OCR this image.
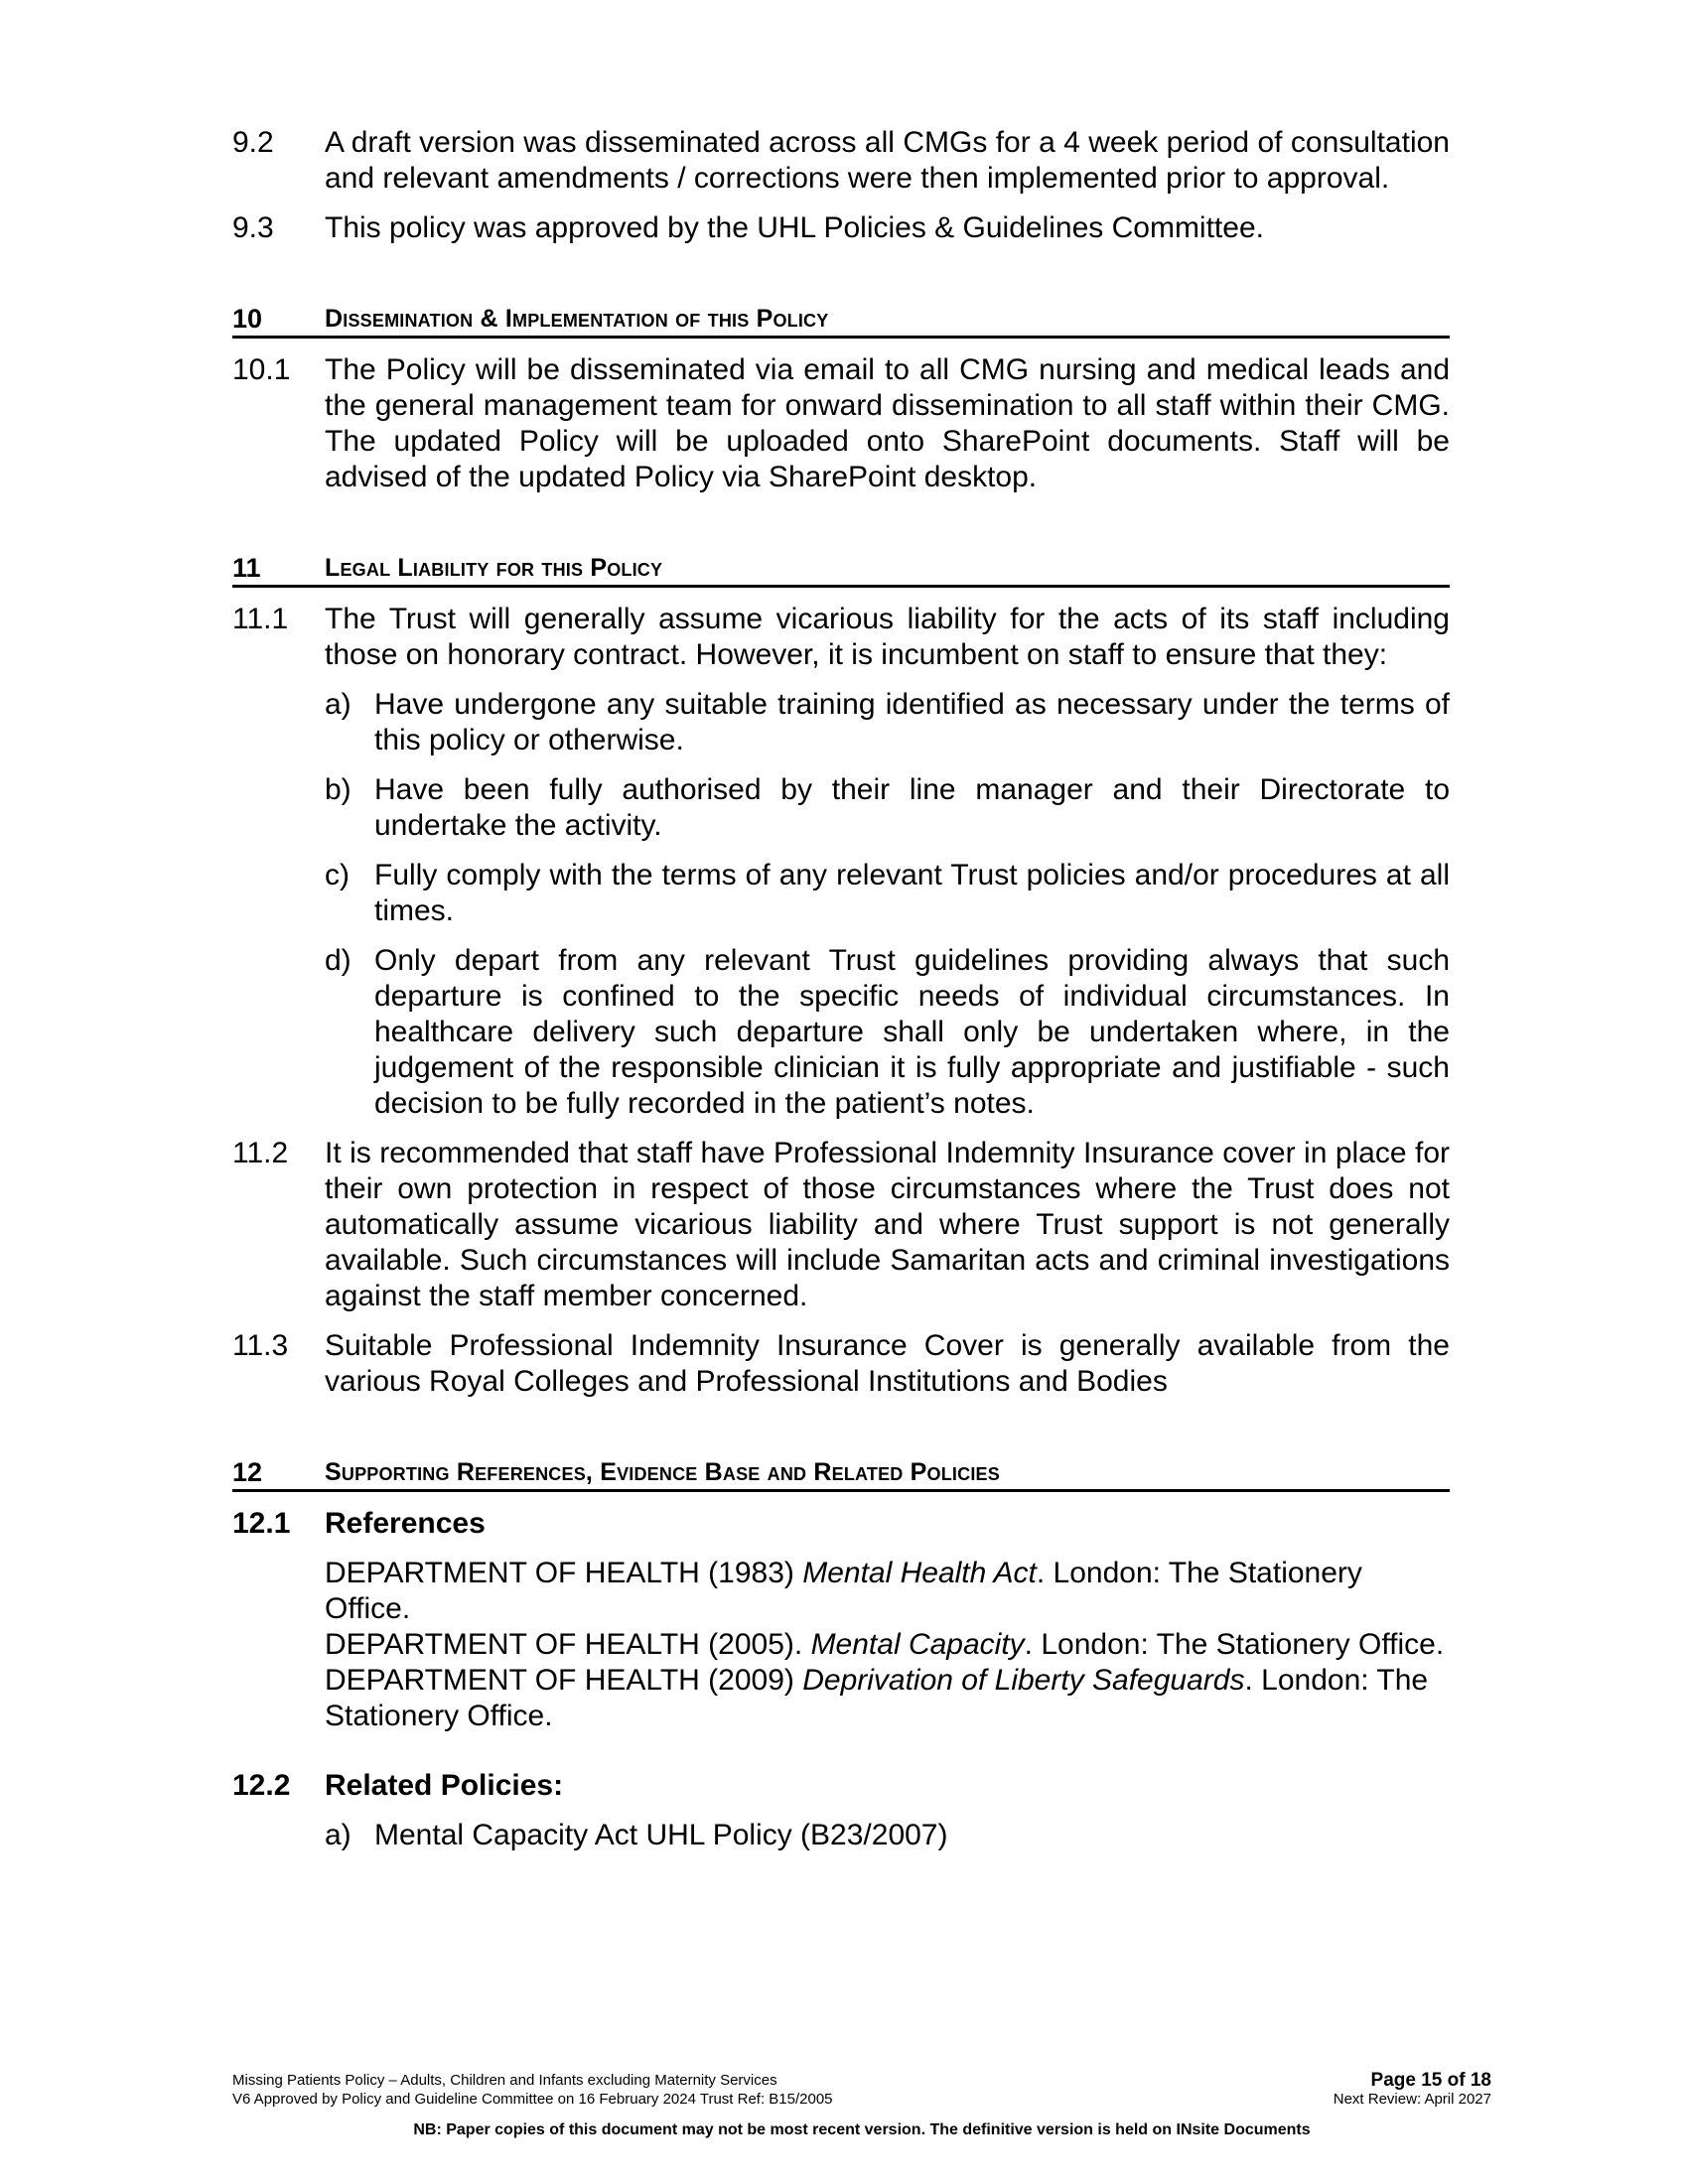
9.2 A draft version was disseminated across all CMGs for a 4 week period of consultation and relevant amendments / corrections were then implemented prior to approval.
9.3 This policy was approved by the UHL Policies & Guidelines Committee.
10	Dissemination & Implementation of this Policy
10.1 The Policy will be disseminated via email to all CMG nursing and medical leads and the general management team for onward dissemination to all staff within their CMG. The updated Policy will be uploaded onto SharePoint documents. Staff will be advised of the updated Policy via SharePoint desktop.
11	Legal Liability for this Policy
11.1 The Trust will generally assume vicarious liability for the acts of its staff including those on honorary contract. However, it is incumbent on staff to ensure that they:
a) Have undergone any suitable training identified as necessary under the terms of this policy or otherwise.
b) Have been fully authorised by their line manager and their Directorate to undertake the activity.
c) Fully comply with the terms of any relevant Trust policies and/or procedures at all times.
d) Only depart from any relevant Trust guidelines providing always that such departure is confined to the specific needs of individual circumstances. In healthcare delivery such departure shall only be undertaken where, in the judgement of the responsible clinician it is fully appropriate and justifiable - such decision to be fully recorded in the patient’s notes.
11.2 It is recommended that staff have Professional Indemnity Insurance cover in place for their own protection in respect of those circumstances where the Trust does not automatically assume vicarious liability and where Trust support is not generally available. Such circumstances will include Samaritan acts and criminal investigations against the staff member concerned.
11.3 Suitable Professional Indemnity Insurance Cover is generally available from the various Royal Colleges and Professional Institutions and Bodies
12	Supporting References, Evidence Base and Related Policies
12.1 References
DEPARTMENT OF HEALTH (1983) Mental Health Act. London: The Stationery Office.
DEPARTMENT OF HEALTH (2005). Mental Capacity. London: The Stationery Office.
DEPARTMENT OF HEALTH (2009) Deprivation of Liberty Safeguards. London: The Stationery Office.
12.2 Related Policies:
a) Mental Capacity Act UHL Policy (B23/2007)
Missing Patients Policy – Adults, Children and Infants excluding Maternity Services
V6 Approved by Policy and Guideline Committee on 16 February 2024 Trust Ref: B15/2005
Page 15 of 18
Next Review: April 2027
NB: Paper copies of this document may not be most recent version. The definitive version is held on INsite Documents
